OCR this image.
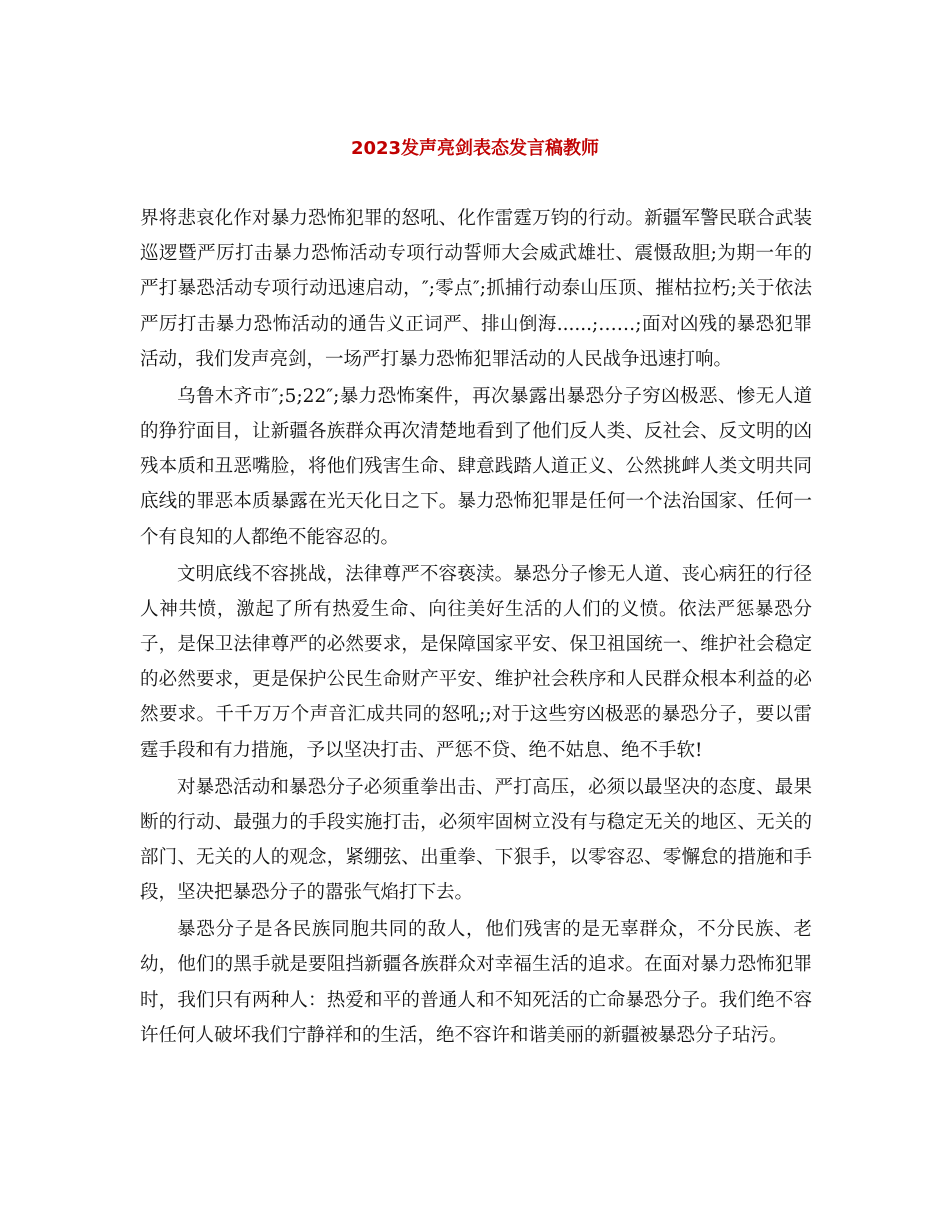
2023发声亮剑表态发言稿教师

界将悲哀化作对暴力恐怖犯罪的怒吼、化作雷霆万钧的行动。新疆军警民联合武装巡逻暨严厉打击暴力恐怖活动专项行动誓师大会威武雄壮、震慑敌胆;为期一年的严打暴恐活动专项行动迅速启动，″;零点″;抓捕行动泰山压顶、摧枯拉朽;关于依法严厉打击暴力恐怖活动的通告义正词严、排山倒海......;……;面对凶残的暴恐犯罪活动，我们发声亮剑，一场严打暴力恐怖犯罪活动的人民战争迅速打响。

乌鲁木齐市″;5;22″;暴力恐怖案件，再次暴露出暴恐分子穷凶极恶、惨无人道的狰狞面目，让新疆各族群众再次清楚地看到了他们反人类、反社会、反文明的凶残本质和丑恶嘴脸，将他们残害生命、肆意践踏人道正义、公然挑衅人类文明共同底线的罪恶本质暴露在光天化日之下。暴力恐怖犯罪是任何一个法治国家、任何一个有良知的人都绝不能容忍的。

文明底线不容挑战，法律尊严不容亵渎。暴恐分子惨无人道、丧心病狂的行径人神共愤，激起了所有热爱生命、向往美好生活的人们的义愤。依法严惩暴恐分子，是保卫法律尊严的必然要求，是保障国家平安、保卫祖国统一、维护社会稳定的必然要求，更是保护公民生命财产平安、维护社会秩序和人民群众根本利益的必然要求。千千万万个声音汇成共同的怒吼;;对于这些穷凶极恶的暴恐分子，要以雷霆手段和有力措施，予以坚决打击、严惩不贷、绝不姑息、绝不手软!

对暴恐活动和暴恐分子必须重拳出击、严打高压，必须以最坚决的态度、最果断的行动、最强力的手段实施打击，必须牢固树立没有与稳定无关的地区、无关的部门、无关的人的观念，紧绷弦、出重拳、下狠手，以零容忍、零懈怠的措施和手段，坚决把暴恐分子的嚣张气焰打下去。

暴恐分子是各民族同胞共同的敌人，他们残害的是无辜群众，不分民族、老幼，他们的黑手就是要阻挡新疆各族群众对幸福生活的追求。在面对暴力恐怖犯罪时，我们只有两种人：热爱和平的普通人和不知死活的亡命暴恐分子。我们绝不容许任何人破坏我们宁静祥和的生活，绝不容许和谐美丽的新疆被暴恐分子玷污。
